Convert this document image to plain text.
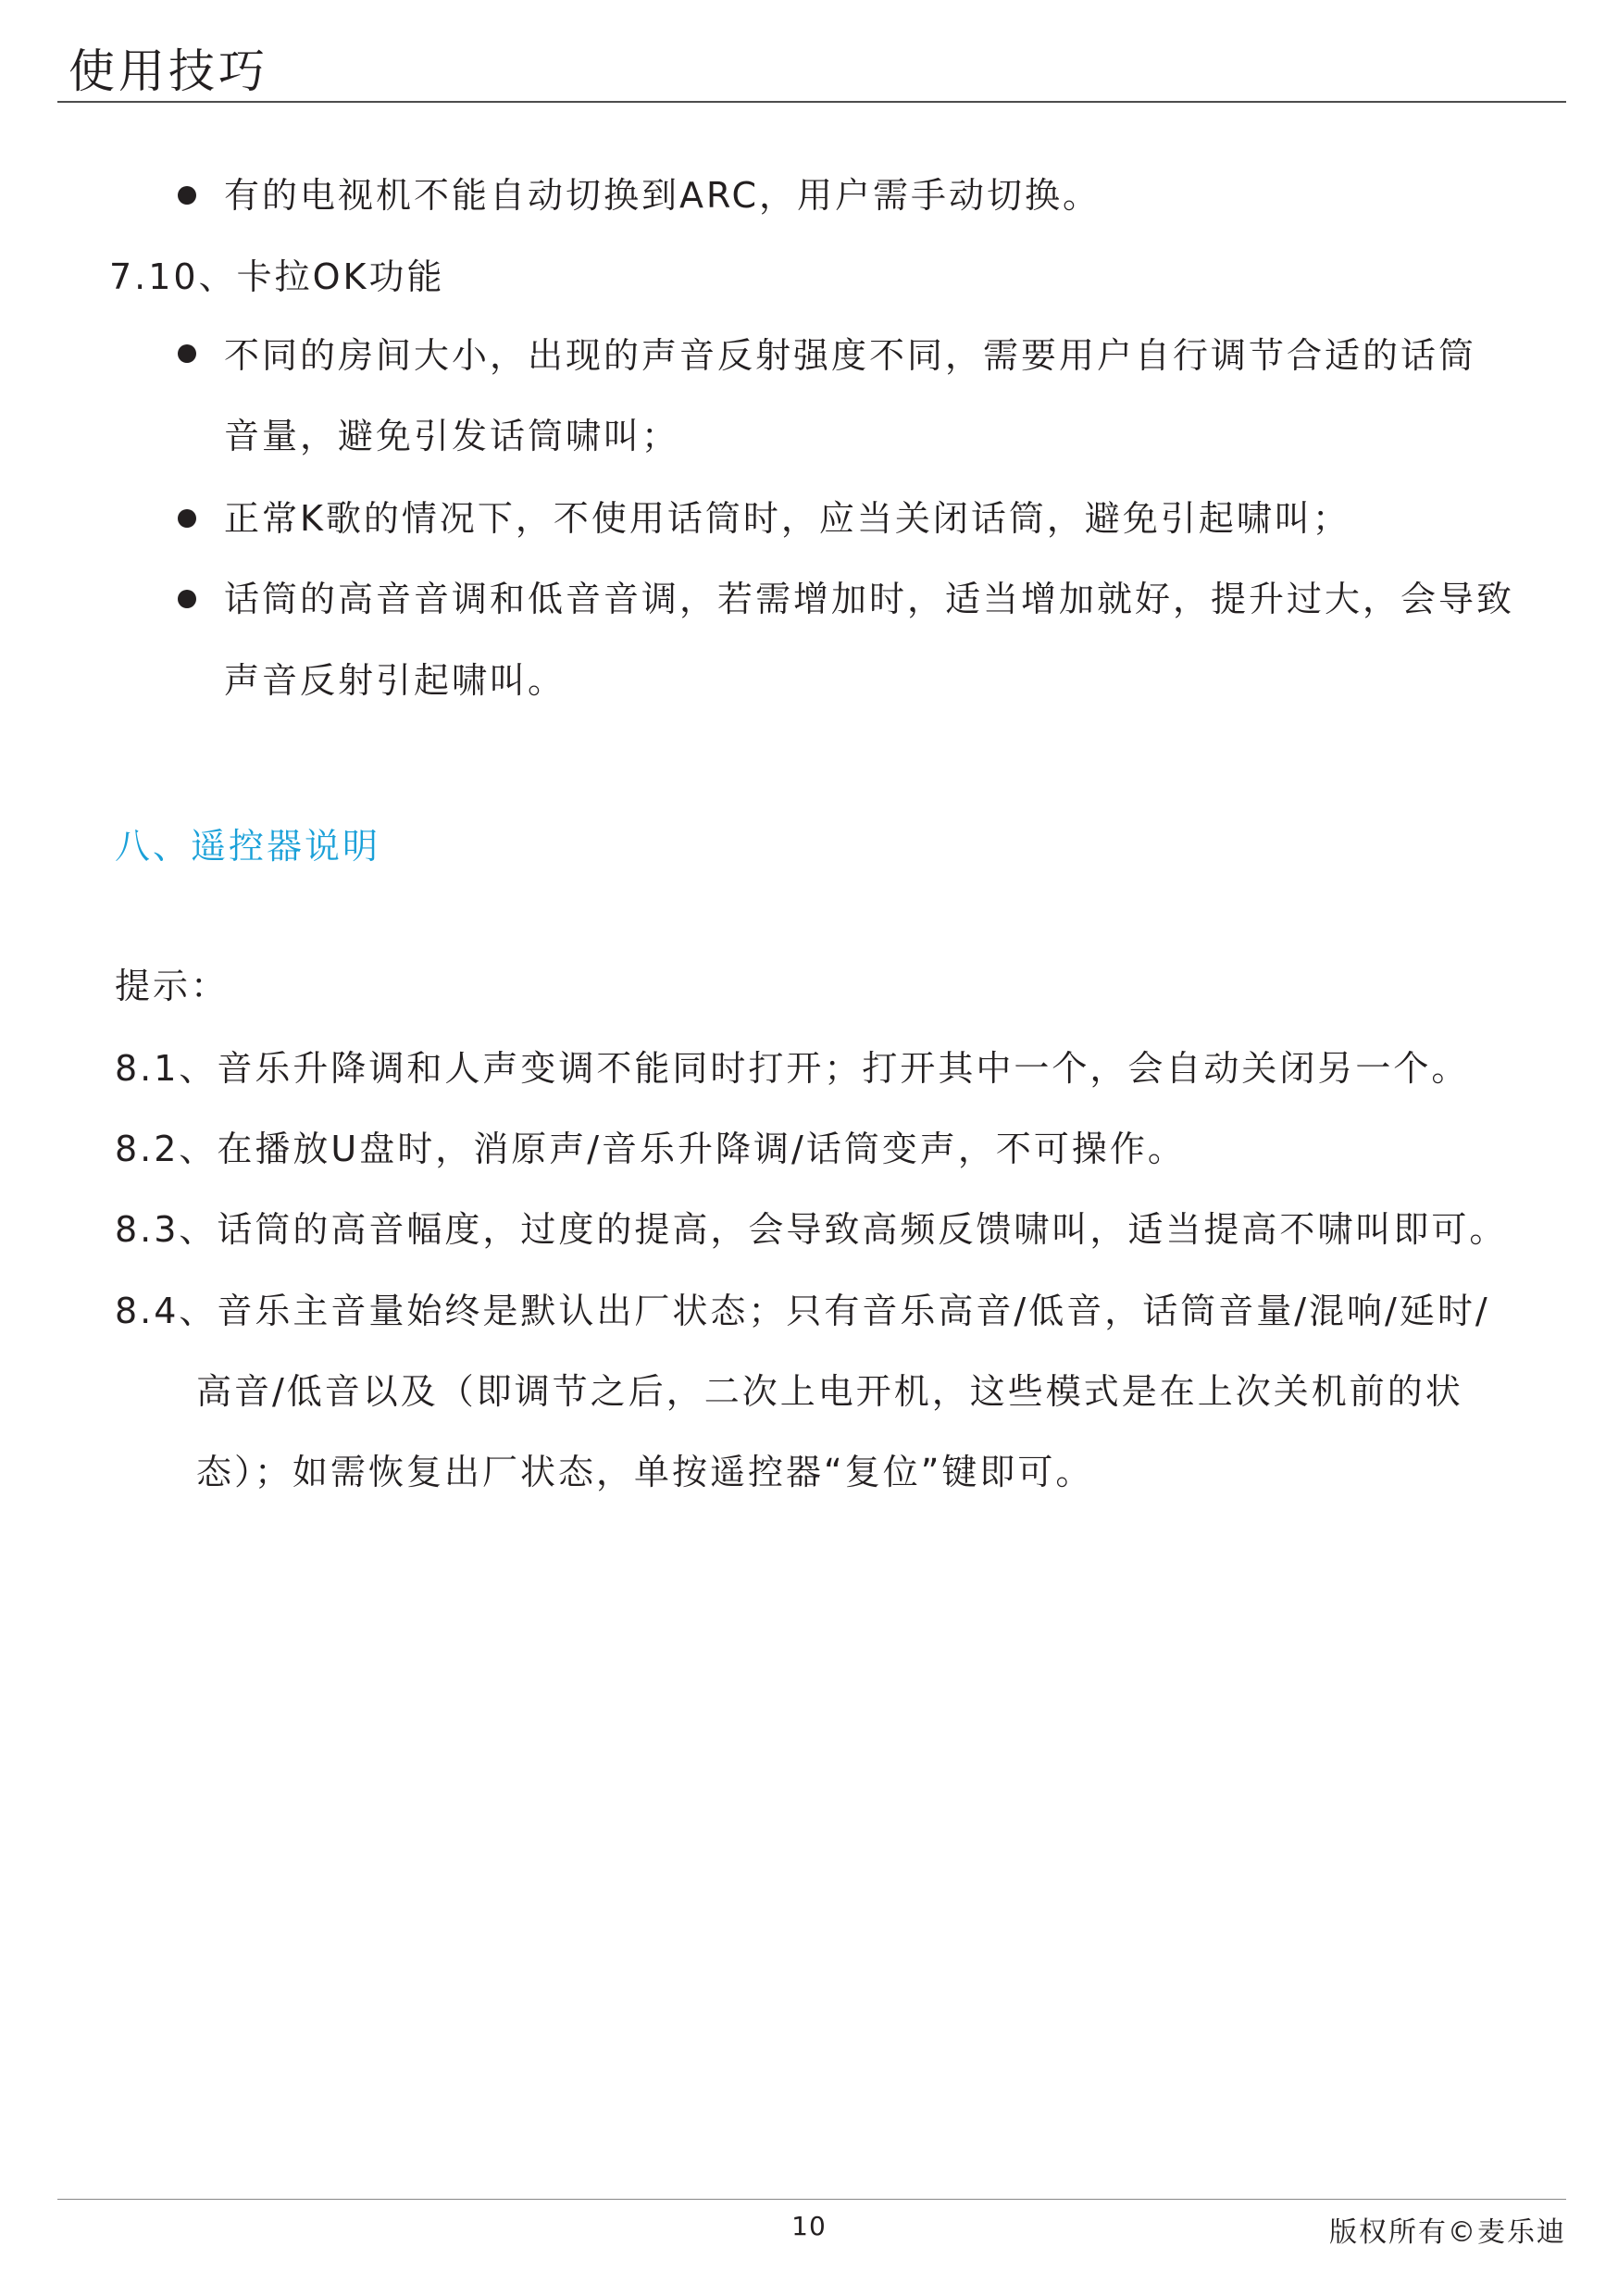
使用技巧
有的电视机不能自动切换到ARC，用户需手动切换。
7.10、卡拉OK功能
不同的房间大小，出现的声音反射强度不同，需要用户自行调节合适的话筒
音量，避免引发话筒啸叫；
正常K歌的情况下，不使用话筒时，应当关闭话筒，避免引起啸叫；
话筒的高音音调和低音音调，若需增加时，适当增加就好，提升过大，会导致
声音反射引起啸叫。
八、遥控器说明
提示：
8.1、音乐升降调和人声变调不能同时打开；打开其中一个，会自动关闭另一个。
8.2、在播放U盘时，消原声/音乐升降调/话筒变声，不可操作。
8.3、话筒的高音幅度，过度的提高，会导致高频反馈啸叫，适当提高不啸叫即可。
8.4、音乐主音量始终是默认出厂状态；只有音乐高音/低音，话筒音量/混响/延时/
高音/低音以及（即调节之后，二次上电开机，这些模式是在上次关机前的状
态）；如需恢复出厂状态，单按遥控器“复位”键即可。
10	版权所有©麦乐迪
